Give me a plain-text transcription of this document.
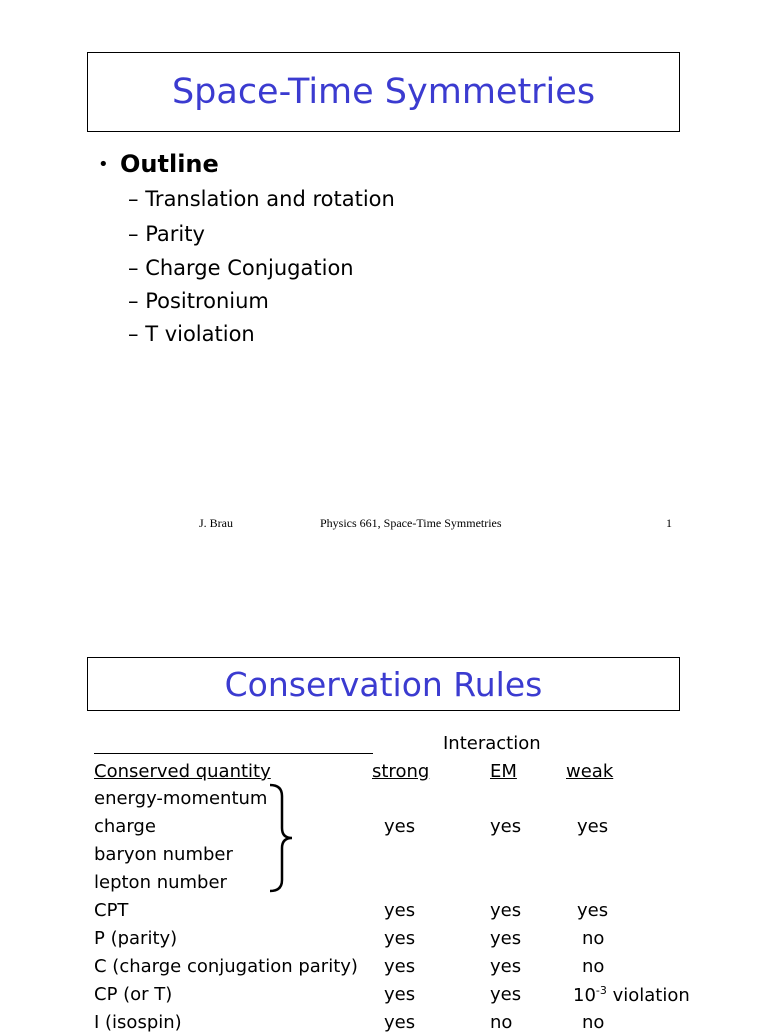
Space-Time Symmetries
• Outline
– Translation and rotation
– Parity
– Charge Conjugation
– Positronium
– T violation
J. Brau	Physics 661, Space-Time Symmetries	1
Conservation Rules
Interaction
Conserved quantity	strong	EM	weak
energy-momentum
charge	yes	yes	yes
baryon number
lepton number
CPT	yes	yes	yes
P (parity)	yes	yes	no
C (charge conjugation parity) yes	yes	no
CP (or T)	yes	yes	$10^{-3}$ violation
I (isospin)	yes	no	no
